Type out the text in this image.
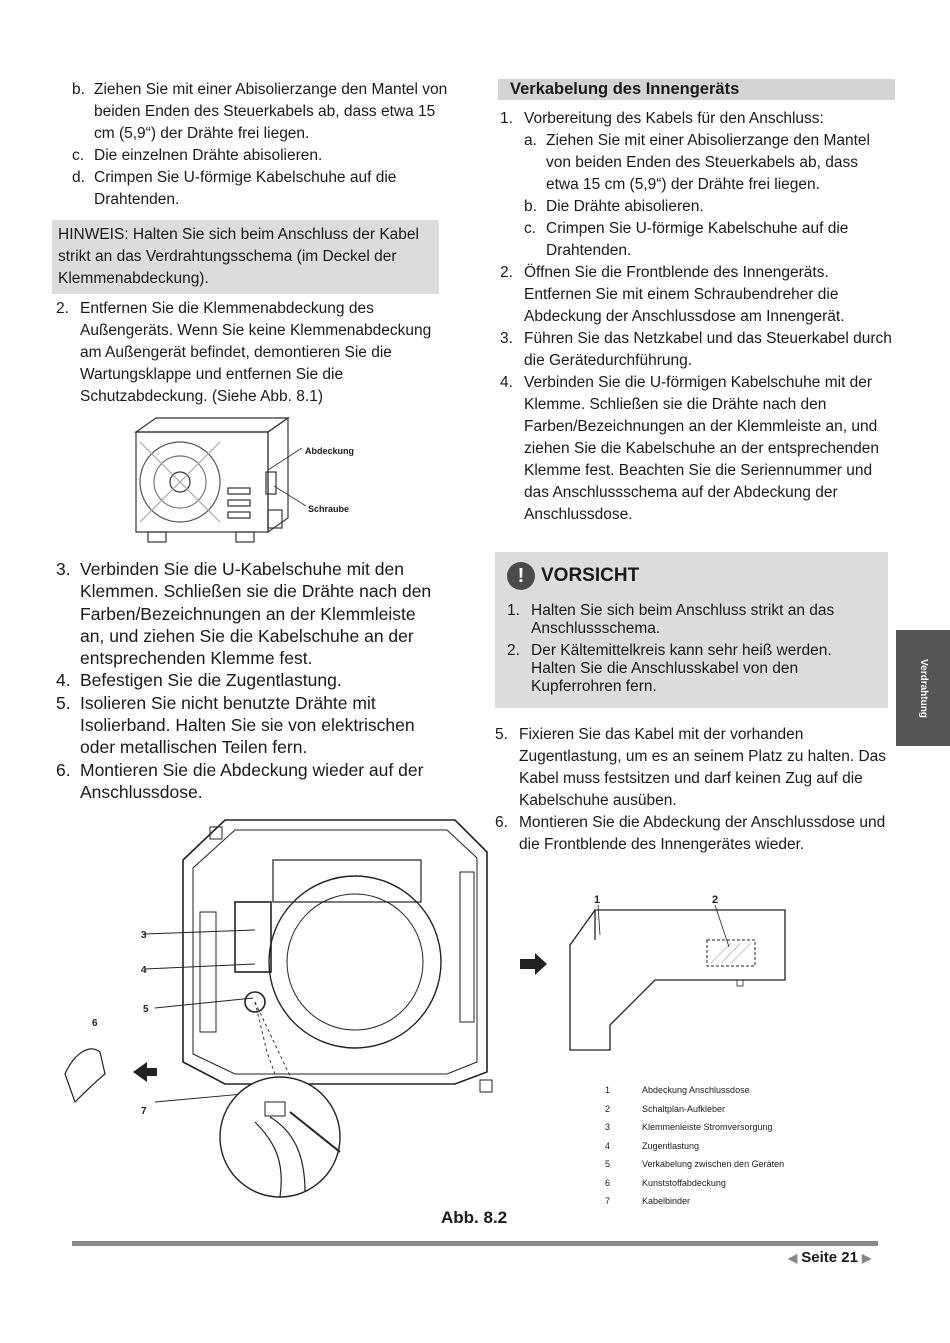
b. Ziehen Sie mit einer Abisolierzange den Mantel von beiden Enden des Steuerkabels ab, dass etwa 15 cm (5,9“) der Drähte frei liegen.
c. Die einzelnen Drähte abisolieren.
d. Crimpen Sie U-förmige Kabelschuhe auf die Drahtenden.
HINWEIS: Halten Sie sich beim Anschluss der Kabel strikt an das Verdrahtungsschema (im Deckel der Klemmenabdeckung).
2. Entfernen Sie die Klemmenabdeckung des Außengeräts. Wenn Sie keine Klemmenabdeckung am Außengerät befindet, demontieren Sie die Wartungsklappe und entfernen Sie die Schutzabdeckung. (Siehe Abb. 8.1)
Abdeckung
Schraube
3. Verbinden Sie die U-Kabelschuhe mit den Klemmen. Schließen sie die Drähte nach den Farben/Bezeichnungen an der Klemmleiste an, und ziehen Sie die Kabelschuhe an der entsprechenden Klemme fest.
4. Befestigen Sie die Zugentlastung.
5. Isolieren Sie nicht benutzte Drähte mit Isolierband. Halten Sie sie von elektrischen oder metallischen Teilen fern.
6. Montieren Sie die Abdeckung wieder auf der Anschlussdose.
3
4
5
6
7
Verkabelung des Innengeräts
1. Vorbereitung des Kabels für den Anschluss:
a. Ziehen Sie mit einer Abisolierzange den Mantel von beiden Enden des Steuerkabels ab, dass etwa 15 cm (5,9“) der Drähte frei liegen.
b. Die Drähte abisolieren.
c. Crimpen Sie U-förmige Kabelschuhe auf die Drahtenden.
2. Öffnen Sie die Frontblende des Innengeräts. Entfernen Sie mit einem Schraubendreher die Abdeckung der Anschlussdose am Innengerät.
3. Führen Sie das Netzkabel und das Steuerkabel durch die Gerätedurchführung.
4. Verbinden Sie die U-förmigen Kabelschuhe mit der Klemme. Schließen sie die Drähte nach den Farben/Bezeichnungen an der Klemmleiste an, und ziehen Sie die Kabelschuhe an der entsprechenden Klemme fest. Beachten Sie die Seriennummer und das Anschlussschema auf der Abdeckung der Anschlussdose.
! VORSICHT
1. Halten Sie sich beim Anschluss strikt an das Anschlussschema.
2. Der Kältemittelkreis kann sehr heiß werden. Halten Sie die Anschlusskabel von den Kupferrohren fern.
5. Fixieren Sie das Kabel mit der vorhanden Zugentlastung, um es an seinem Platz zu halten. Das Kabel muss festsitzen und darf keinen Zug auf die Kabelschuhe ausüben.
6. Montieren Sie die Abdeckung der Anschlussdose und die Frontblende des Innengerätes wieder.
1	2
1	Abdeckung Anschlussdose
2	Schaltplan-Aufkleber
3	Klemmenleiste Stromversorgung
4	Zugentlastung
5	Verkabelung zwischen den Geräten
6	Kunststoffabdeckung
7	Kabelbinder
Abb. 8.2
Verdrahtung
◀ Seite 21 ▶
